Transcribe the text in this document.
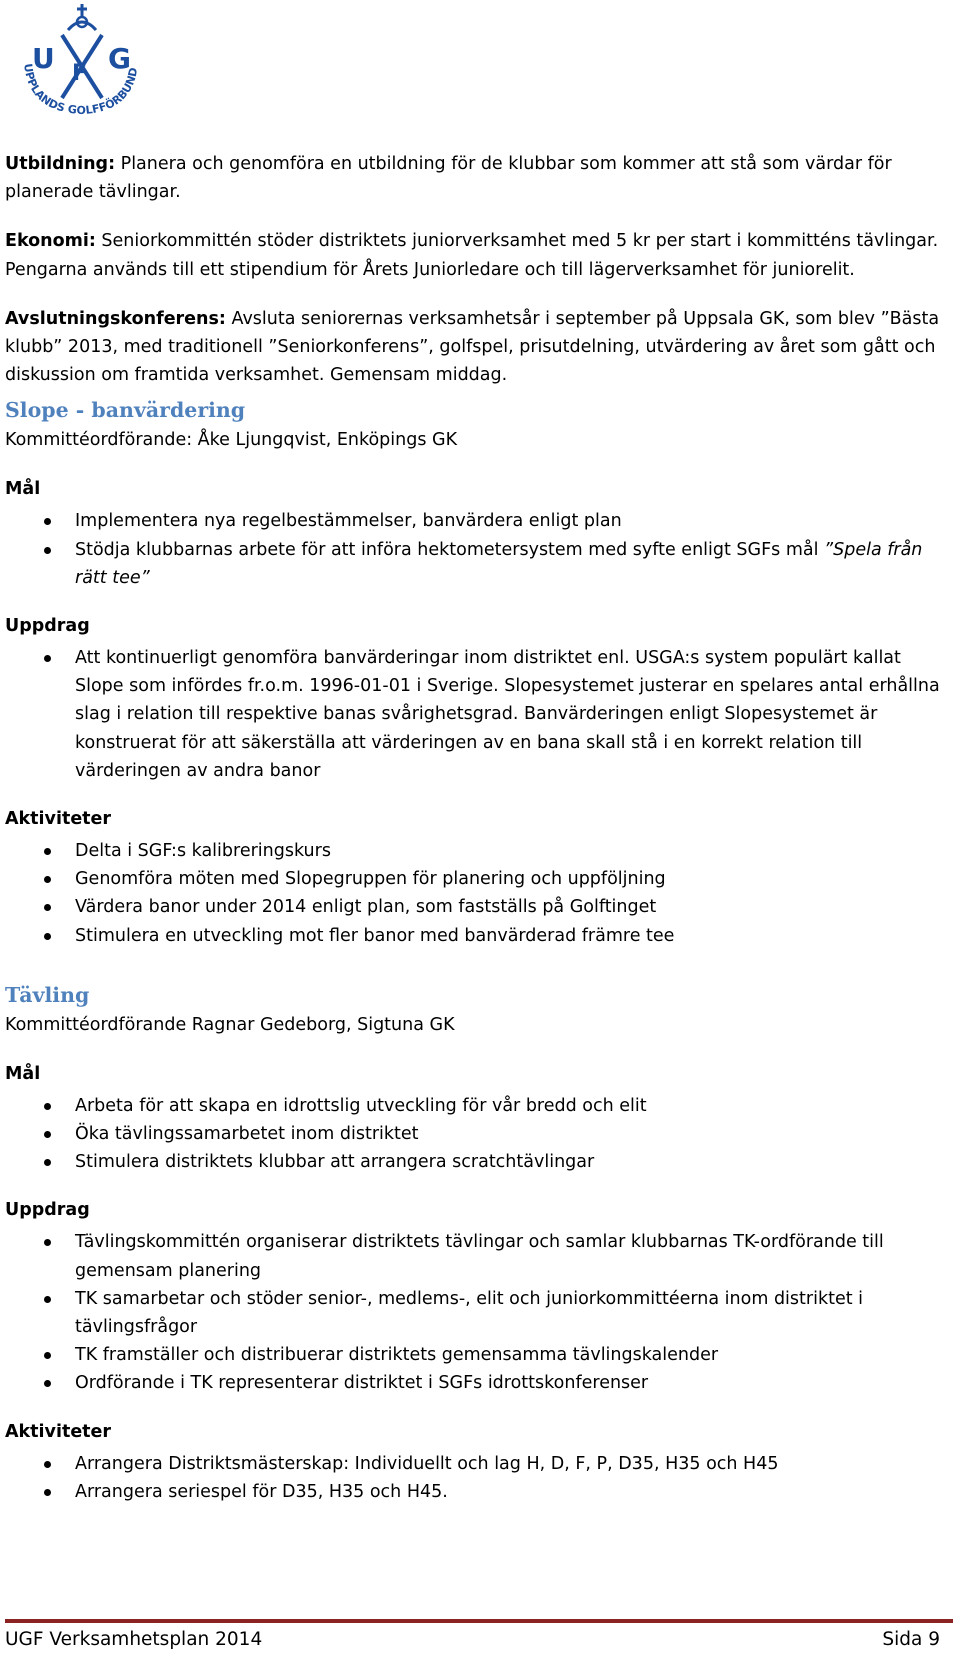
U G
F
UPPLANDS GOLFFÖRBUND

Utbildning: Planera och genomföra en utbildning för de klubbar som kommer att stå som värdar för planerade tävlingar.

Ekonomi: Seniorkommittén stöder distriktets juniorverksamhet med 5 kr per start i kommitténs tävlingar. Pengarna används till ett stipendium för Årets Juniorledare och till lägerverksamhet för juniorelit.

Avslutningskonferens: Avsluta seniorernas verksamhetsår i september på Uppsala GK, som blev ”Bästa klubb” 2013, med traditionell ”Seniorkonferens”, golfspel, prisutdelning, utvärdering av året som gått och diskussion om framtida verksamhet. Gemensam middag.

Slope - banvärdering

Kommittéordförande: Åke Ljungqvist, Enköpings GK

Mål
Implementera nya regelbestämmelser, banvärdera enligt plan
Stödja klubbarnas arbete för att införa hektometersystem med syfte enligt SGFs mål ”Spela från rätt tee”
Uppdrag
Att kontinuerligt genomföra banvärderingar inom distriktet enl. USGA:s system populärt kallat Slope som infördes fr.o.m. 1996-01-01 i Sverige. Slopesystemet justerar en spelares antal erhållna slag i relation till respektive banas svårighetsgrad. Banvärderingen enligt Slopesystemet är konstruerat för att säkerställa att värderingen av en bana skall stå i en korrekt relation till värderingen av andra banor
Aktiviteter
Delta i SGF:s kalibreringskurs
Genomföra möten med Slopegruppen för planering och uppföljning
Värdera banor under 2014 enligt plan, som fastställs på Golftinget
Stimulera en utveckling mot fler banor med banvärderad främre tee
Tävling

Kommittéordförande Ragnar Gedeborg, Sigtuna GK

Mål
Arbeta för att skapa en idrottslig utveckling för vår bredd och elit
Öka tävlingssamarbetet inom distriktet
Stimulera distriktets klubbar att arrangera scratchtävlingar
Uppdrag
Tävlingskommittén organiserar distriktets tävlingar och samlar klubbarnas TK-ordförande till gemensam planering
TK samarbetar och stöder senior-, medlems-, elit och juniorkommittéerna inom distriktet i tävlingsfrågor
TK framställer och distribuerar distriktets gemensamma tävlingskalender
Ordförande i TK representerar distriktet i SGFs idrottskonferenser
Aktiviteter
Arrangera Distriktsmästerskap: Individuellt och lag H, D, F, P, D35, H35 och H45
Arrangera seriespel för D35, H35 och H45.
UGF Verksamhetsplan 2014	Sida 9
